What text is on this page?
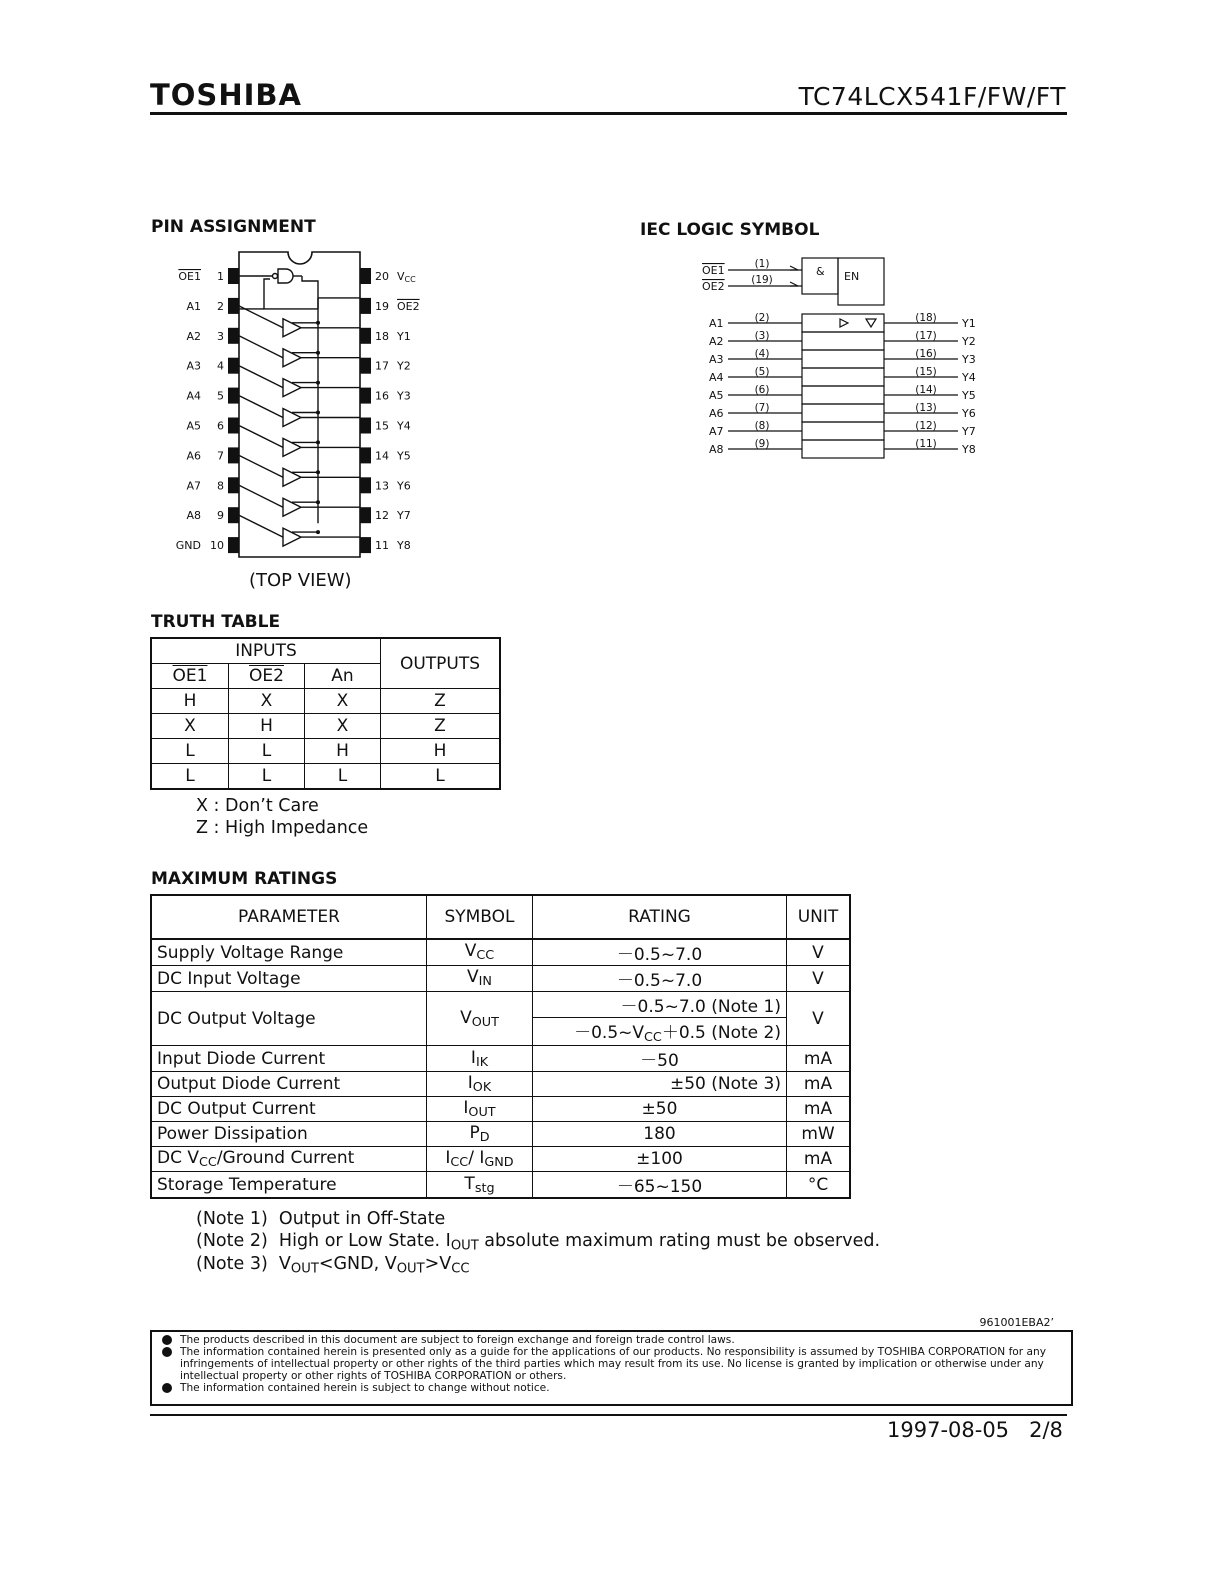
TOSHIBA	TC74LCX541F/FW/FT
PIN ASSIGNMENT
1
OE1	20 VCC
2
A1	19 OE2
3
A2	18 Y1
4
A3	17 Y2
5
A4	16 Y3
6
A5	15 Y4
7
A6	14 Y5
8
A7	13 Y6
9
A8	12 Y7
10
GND	11 Y8
(TOP VIEW)
IEC LOGIC SYMBOL
& EN
OE1	(1)
OE2	(19)
A1	(2)	(18) Y1
A2	(3)	(17) Y2
A3	(4)	(16) Y3
A4	(5)	(15) Y4
A5	(6)	(14) Y5
A6	(7)	(13) Y6
A7	(8)	(12) Y7
A8	(9)	(11) Y8
TRUTH TABLE
INPUTS			OUTPUTS
OE1	OE2	An	
H	X	X	Z
X	H	X	Z
L	L	H	H
L	L	L	L
X : Don’t Care
Z : High Impedance
MAXIMUM RATINGS
PARAMETER	SYMBOL	RATING	UNIT
Supply Voltage Range	$V_{CC}$	－0.5~7.0	V
DC Input Voltage	$V_{IN}$	－0.5~7.0	V
DC Output Voltage	$V_{OUT}$	－0.5~7.0 (Note 1)	V
		$-0.5\sim V_{CC}+0.5$ (Note 2)	
Input Diode Current	$I_{IK}$	－50	mA
Output Diode Current	$I_{OK}$	±50 (Note 3)	mA
DC Output Current	$I_{OUT}$	±50	mA
Power Dissipation	$P_D$	180	mW
DC $V_{CC}$/Ground Current	$I_{CC}/$ $I_{GND}$	±100	mA
Storage Temperature	$T_{stg}$	－65~150	°C
(Note 1) Output in Off-State
(Note 2) High or Low State. $I_{OUT}$ absolute maximum rating must be observed.
(Note 3) $V_{OUT}<GND$, $V_{OUT}>V_{CC}$
961001EBA2’

The products described in this document are subject to foreign exchange and foreign trade control laws.

The information contained herein is presented only as a guide for the applications of our products. No responsibility is assumed by TOSHIBA CORPORATION for any infringements of intellectual property or other rights of the third parties which may result from its use. No license is granted by implication or otherwise under any intellectual property or other rights of TOSHIBA CORPORATION or others.

The information contained herein is subject to change without notice.

1997-08-05 2/8
